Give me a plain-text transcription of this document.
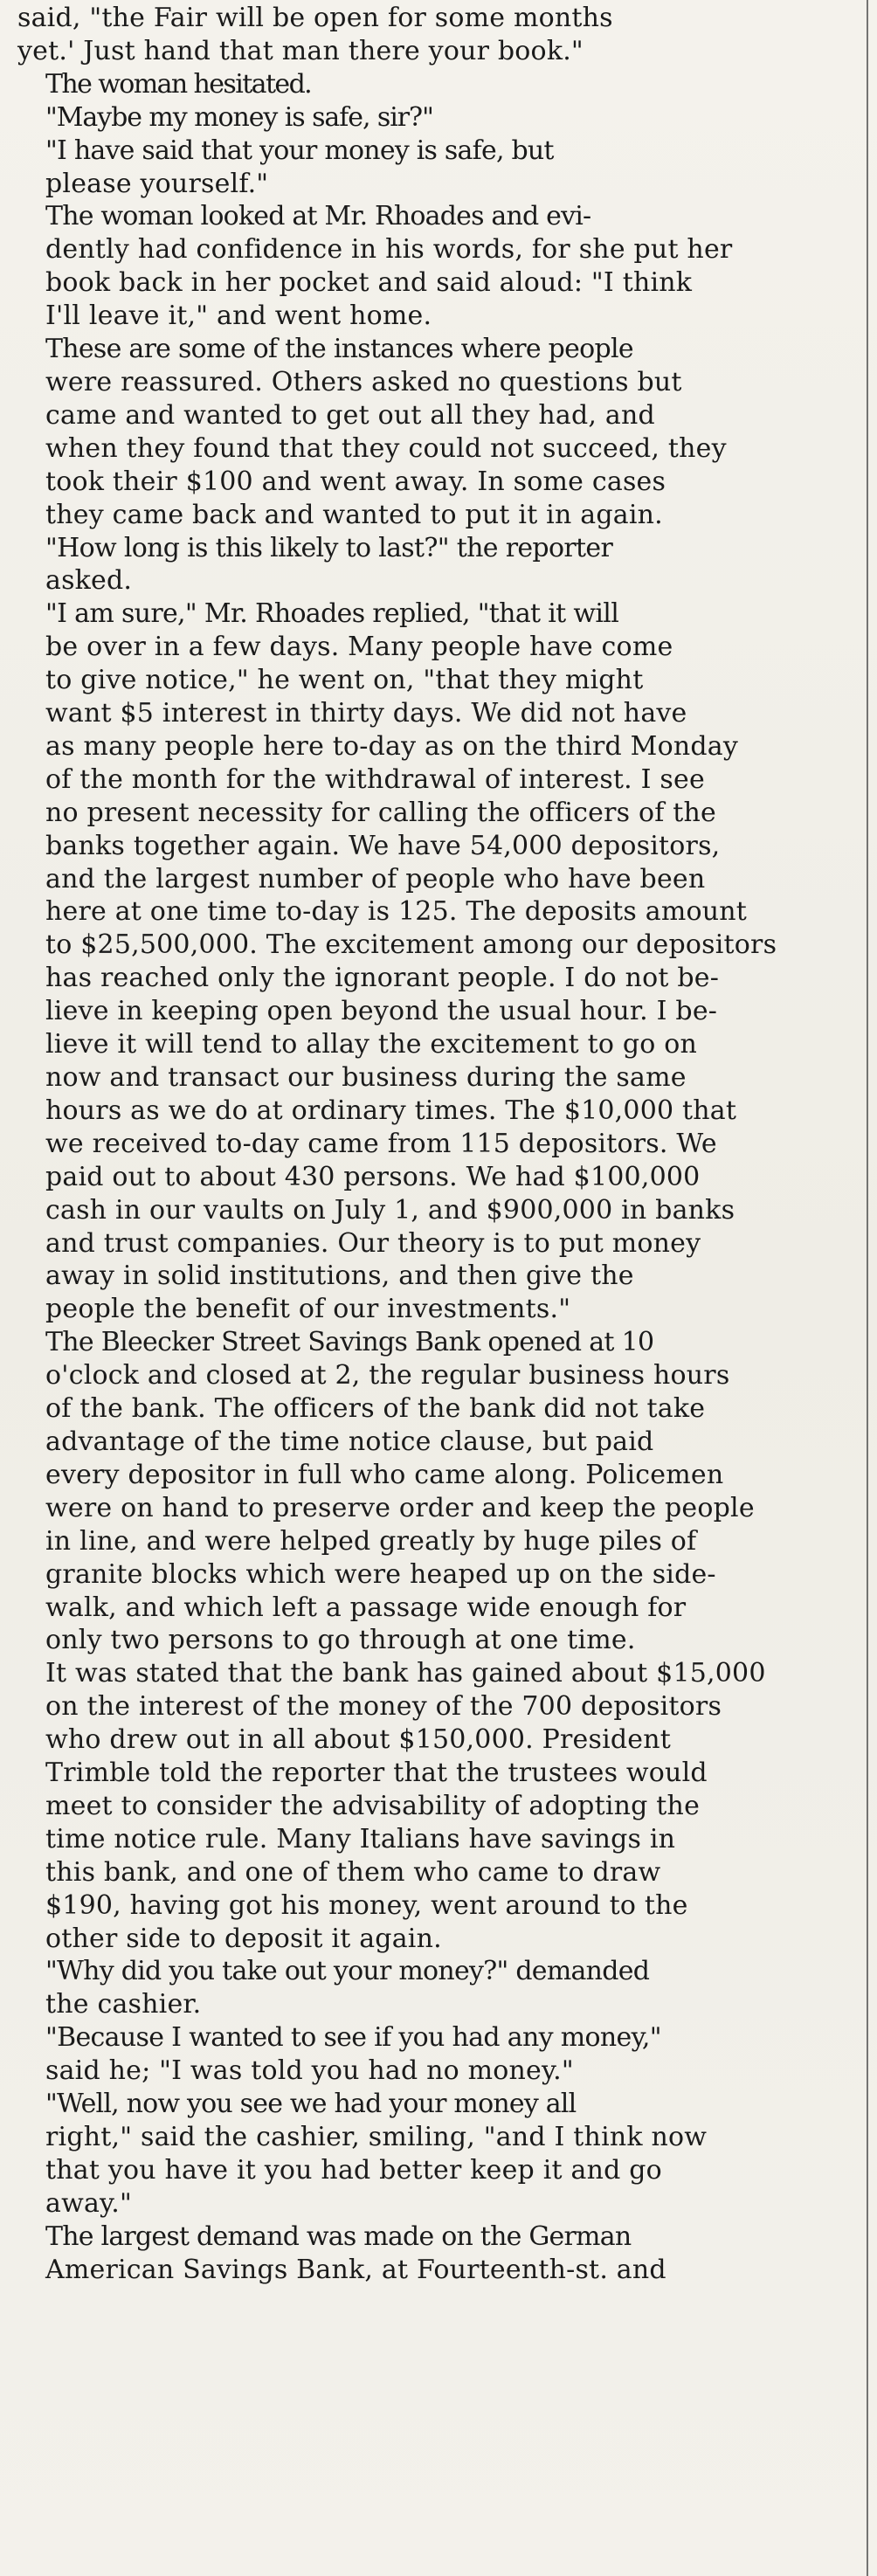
said, "the Fair will be open for some months
yet.' Just hand that man there your book."
The woman hesitated.
"Maybe my money is safe, sir?"
"I have said that your money is safe, but
please yourself."
The woman looked at Mr. Rhoades and evi-
dently had confidence in his words, for she put her
book back in her pocket and said aloud: "I think
I'll leave it," and went home.
These are some of the instances where people
were reassured. Others asked no questions but
came and wanted to get out all they had, and
when they found that they could not succeed, they
took their $100 and went away. In some cases
they came back and wanted to put it in again.
"How long is this likely to last?" the reporter
asked.
"I am sure," Mr. Rhoades replied, "that it will
be over in a few days. Many people have come
to give notice," he went on, "that they might
want $5 interest in thirty days. We did not have
as many people here to-day as on the third Monday
of the month for the withdrawal of interest. I see
no present necessity for calling the officers of the
banks together again. We have 54,000 depositors,
and the largest number of people who have been
here at one time to-day is 125. The deposits amount
to $25,500,000. The excitement among our depositors
has reached only the ignorant people. I do not be-
lieve in keeping open beyond the usual hour. I be-
lieve it will tend to allay the excitement to go on
now and transact our business during the same
hours as we do at ordinary times. The $10,000 that
we received to-day came from 115 depositors. We
paid out to about 430 persons. We had $100,000
cash in our vaults on July 1, and $900,000 in banks
and trust companies. Our theory is to put money
away in solid institutions, and then give the
people the benefit of our investments."
The Bleecker Street Savings Bank opened at 10
o'clock and closed at 2, the regular business hours
of the bank. The officers of the bank did not take
advantage of the time notice clause, but paid
every depositor in full who came along. Policemen
were on hand to preserve order and keep the people
in line, and were helped greatly by huge piles of
granite blocks which were heaped up on the side-
walk, and which left a passage wide enough for
only two persons to go through at one time.
It was stated that the bank has gained about $15,000
on the interest of the money of the 700 depositors
who drew out in all about $150,000. President
Trimble told the reporter that the trustees would
meet to consider the advisability of adopting the
time notice rule. Many Italians have savings in
this bank, and one of them who came to draw
$190, having got his money, went around to the
other side to deposit it again.
"Why did you take out your money?" demanded
the cashier.
"Because I wanted to see if you had any money,"
said he; "I was told you had no money."
"Well, now you see we had your money all
right," said the cashier, smiling, "and I think now
that you have it you had better keep it and go
away."
The largest demand was made on the German
American Savings Bank, at Fourteenth-st. and
